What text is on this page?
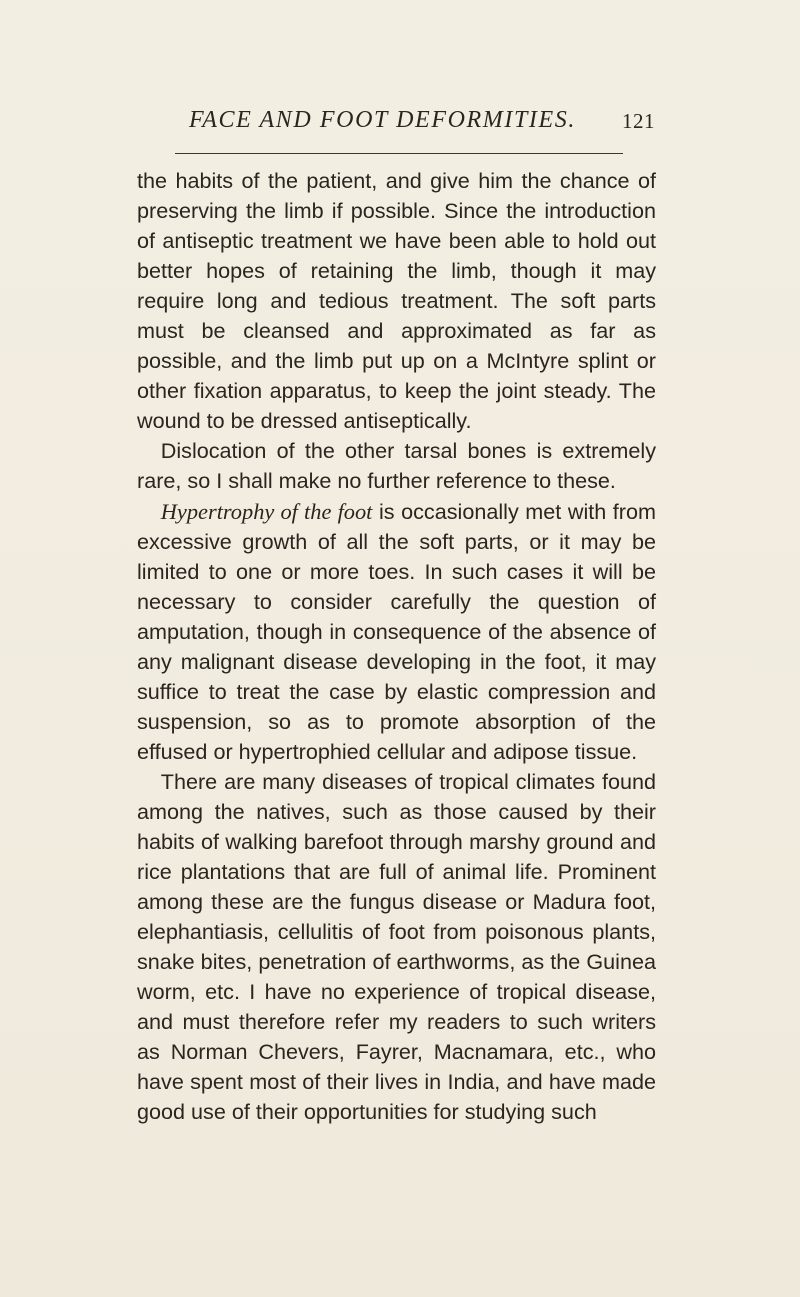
FACE AND FOOT DEFORMITIES.	121

the habits of the patient, and give him the chance of preserving the limb if possible. Since the introduction of antiseptic treatment we have been able to hold out better hopes of retaining the limb, though it may require long and tedious treatment. The soft parts must be cleansed and approximated as far as possible, and the limb put up on a McIntyre splint or other fixation apparatus, to keep the joint steady. The wound to be dressed antiseptically.

Dislocation of the other tarsal bones is extremely rare, so I shall make no further reference to these.

Hypertrophy of the foot is occasionally met with from excessive growth of all the soft parts, or it may be limited to one or more toes. In such cases it will be necessary to consider carefully the question of amputation, though in consequence of the absence of any malignant disease developing in the foot, it may suffice to treat the case by elastic compression and suspension, so as to promote absorption of the effused or hypertrophied cellular and adipose tissue.

There are many diseases of tropical climates found among the natives, such as those caused by their habits of walking barefoot through marshy ground and rice plantations that are full of animal life. Prominent among these are the fungus disease or Madura foot, elephantiasis, cellulitis of foot from poisonous plants, snake bites, penetration of earthworms, as the Guinea worm, etc. I have no experience of tropical disease, and must therefore refer my readers to such writers as Norman Chevers, Fayrer, Macnamara, etc., who have spent most of their lives in India, and have made good use of their opportunities for studying such
